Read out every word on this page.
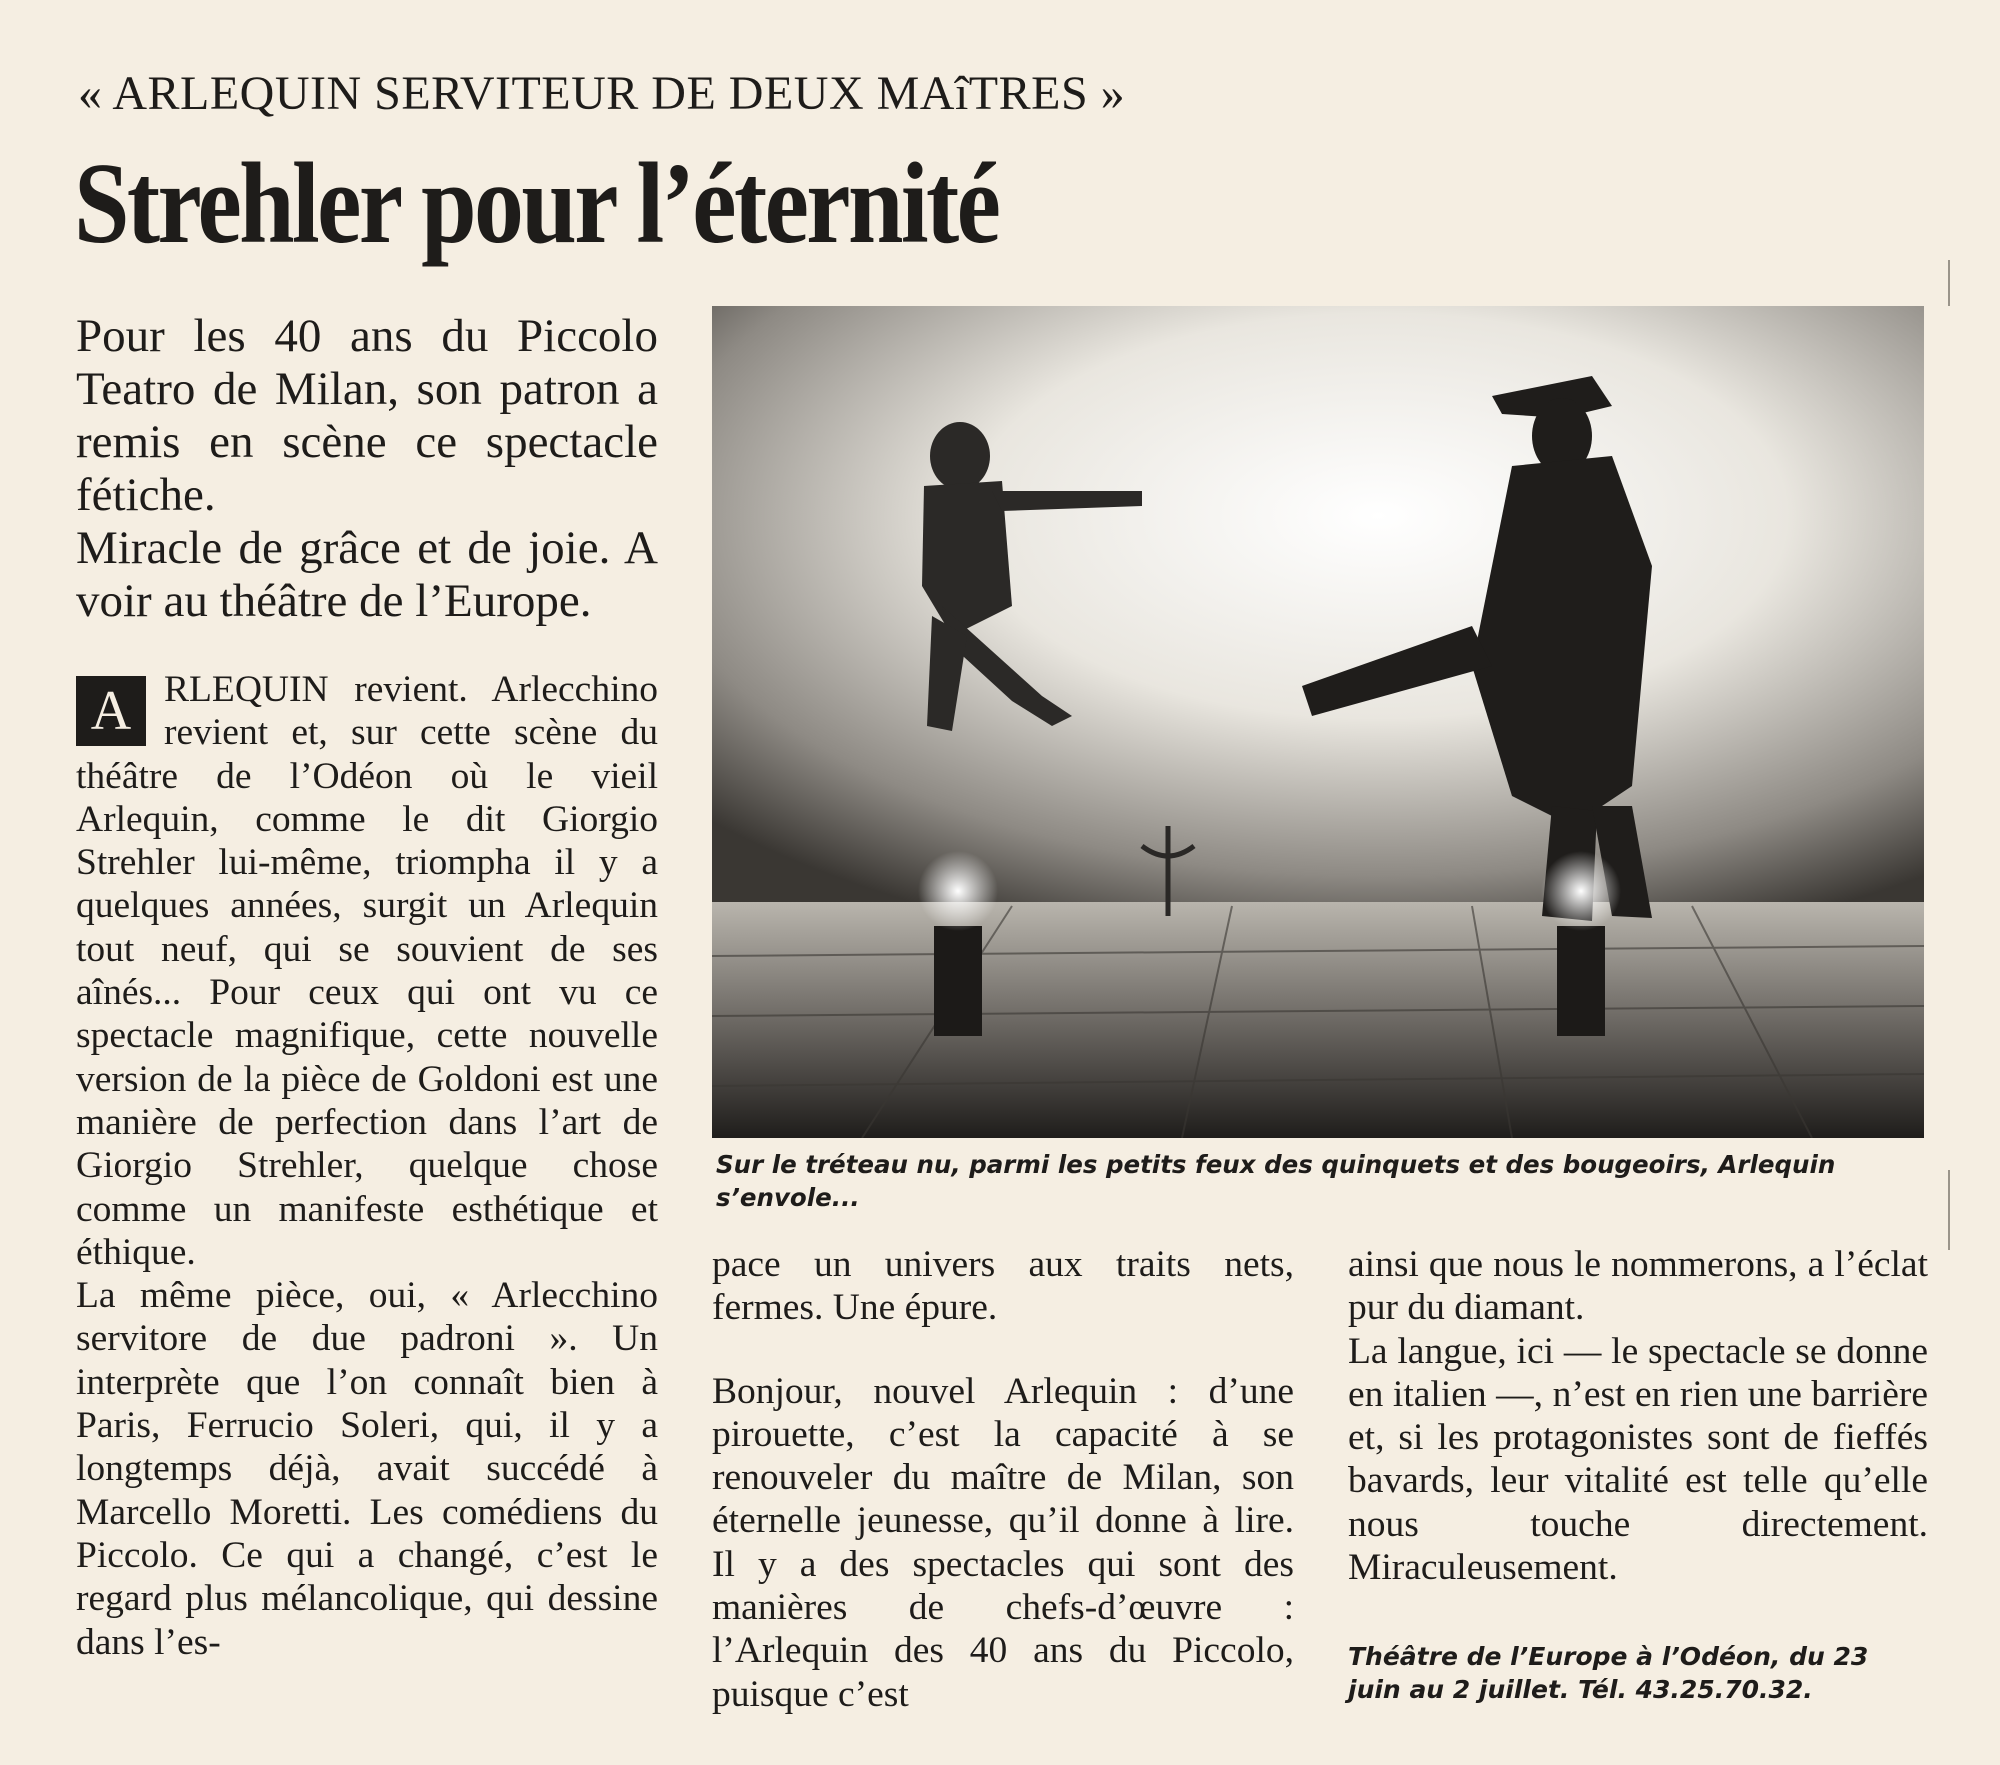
« ARLEQUIN SERVITEUR DE DEUX MAîTRES »
Strehler pour l’éternité

Pour les 40 ans du Piccolo Teatro de Milan, son patron a remis en scène ce spectacle fétiche.

Miracle de grâce et de joie. A voir au théâtre de l’Europe.

A RLEQUIN revient. Arlecchino revient et, sur cette scène du théâtre de l’Odéon où le vieil Arlequin, comme le dit Giorgio Strehler lui-même, triompha il y a quelques années, surgit un Arlequin tout neuf, qui se souvient de ses aînés... Pour ceux qui ont vu ce spectacle magnifique, cette nouvelle version de la pièce de Goldoni est une manière de perfection dans l’art de Giorgio Strehler, quelque chose comme un manifeste esthétique et éthique.

La même pièce, oui, « Arlecchino servitore de due padroni ». Un interprète que l’on connaît bien à Paris, Ferrucio Soleri, qui, il y a longtemps déjà, avait succédé à Marcello Moretti. Les comédiens du Piccolo. Ce qui a changé, c’est le regard plus mélancolique, qui dessine dans l’es-

Sur le tréteau nu, parmi les petits feux des quinquets et des bougeoirs, Arlequin s’envole...

pace un univers aux traits nets, fermes. Une épure.

Bonjour, nouvel Arlequin : d’une pirouette, c’est la capacité à se renouveler du maître de Milan, son éternelle jeunesse, qu’il donne à lire. Il y a des spectacles qui sont des manières de chefs-d’œuvre : l’Arlequin des 40 ans du Piccolo, puisque c’est

ainsi que nous le nommerons, a l’éclat pur du diamant.

La langue, ici — le spectacle se donne en italien —, n’est en rien une barrière et, si les protagonistes sont de fieffés bavards, leur vitalité est telle qu’elle nous touche directement. Miraculeusement.

Théâtre de l’Europe à l’Odéon, du 23 juin au 2 juillet. Tél. 43.25.70.32.
